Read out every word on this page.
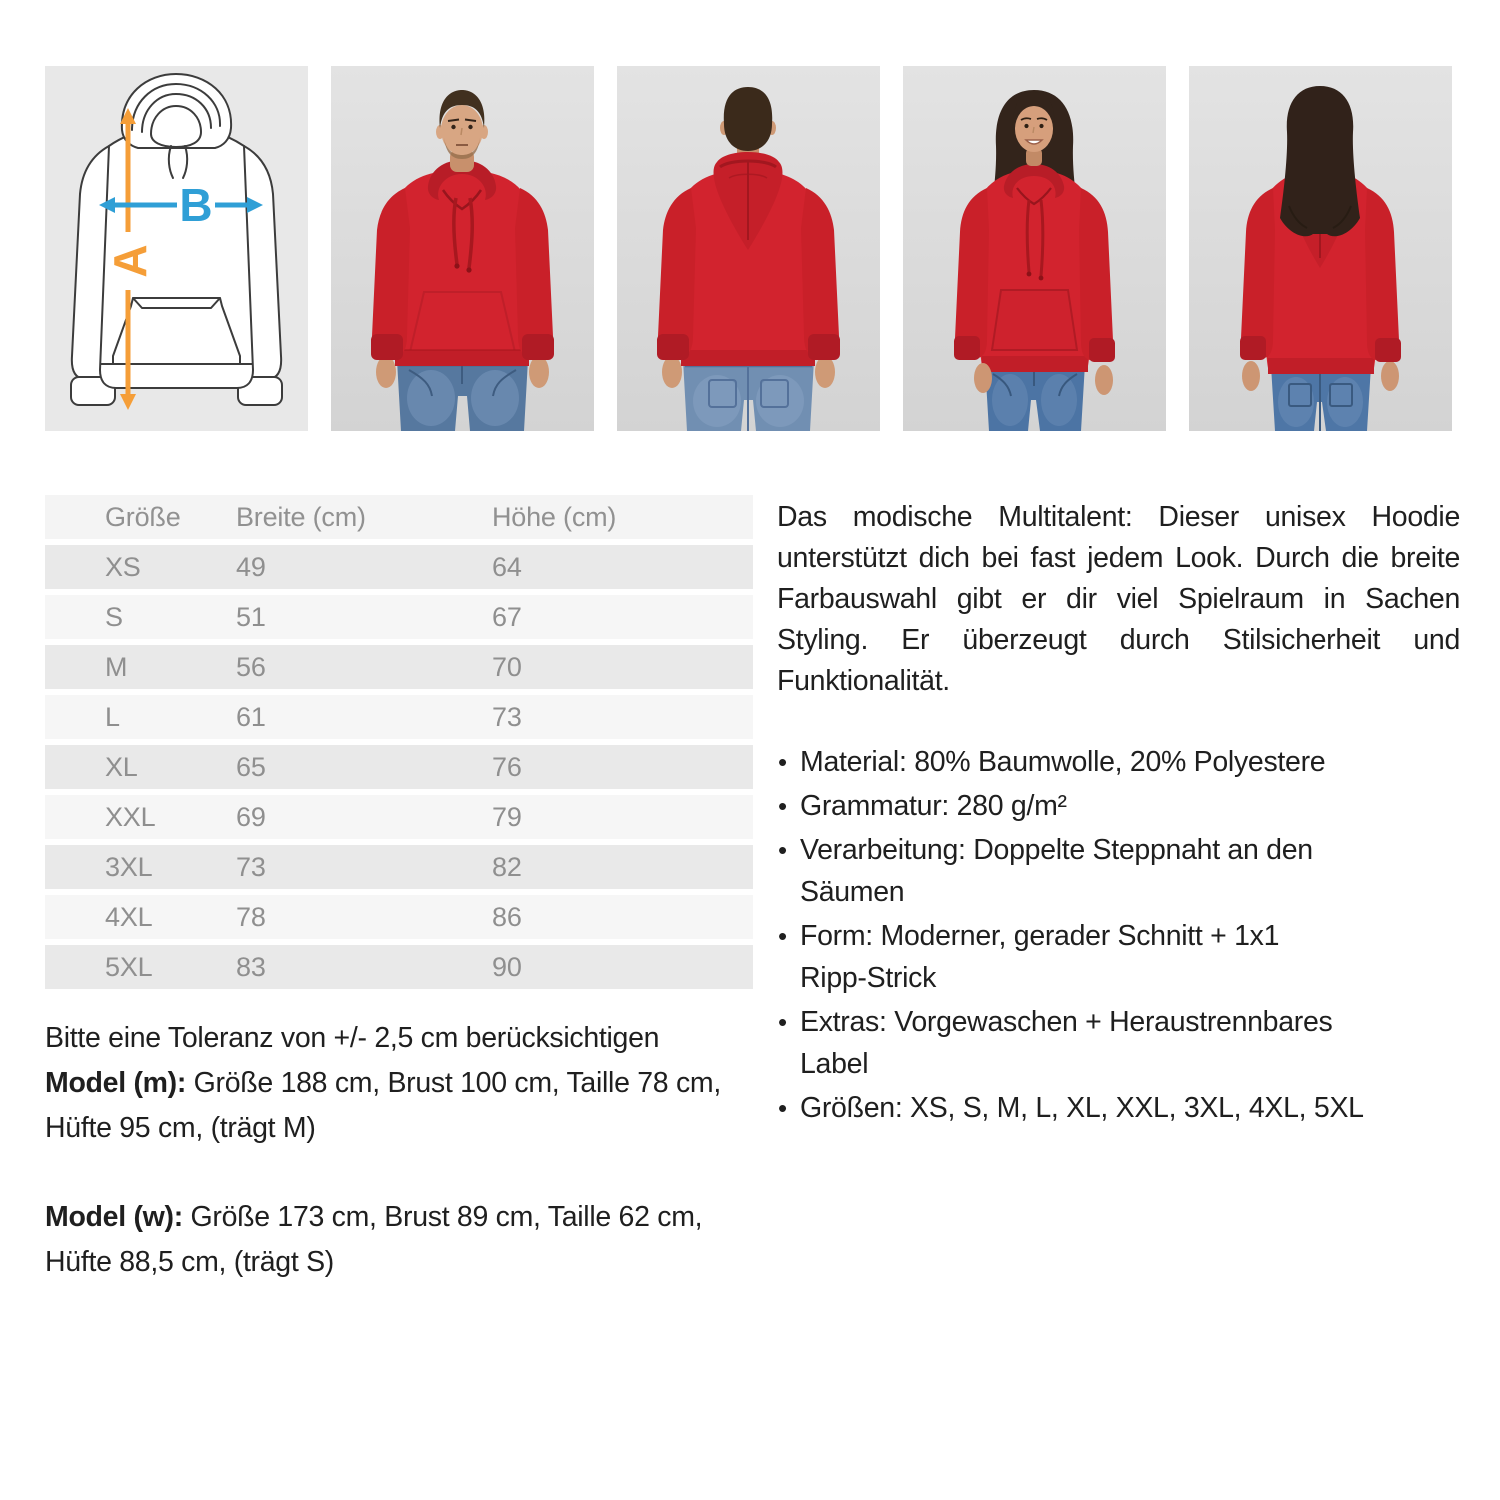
A
B
Größe	Breite (cm)	Höhe (cm)
XS	49	64
S	51	67
M	56	70
L	61	73
XL	65	76
XXL	69	79
3XL	73	82
4XL	78	86
5XL	83	90

Bitte eine Toleranz von +/- 2,5 cm berücksichtigen

Model (m): Größe 188 cm, Brust 100 cm, Taille 78 cm, Hüfte 95 cm, (trägt M)

Model (w): Größe 173 cm, Brust 89 cm, Taille 62 cm, Hüfte 88,5 cm, (trägt S)

Das modische Multitalent: Dieser unisex Hoodie unterstützt dich bei fast jedem Look. Durch die breite Farbauswahl gibt er dir viel Spielraum in Sachen Styling. Er überzeugt durch Stilsicherheit und Funktionalität.

• Material: 80% Baumwolle, 20% Polyestere
• Grammatur: 280 g/m²
• Verarbeitung: Doppelte Steppnaht an den
Säumen
• Form: Moderner, gerader Schnitt + 1x1
Ripp-Strick
• Extras: Vorgewaschen + Heraustrennbares
Label
• Größen: XS, S, M, L, XL, XXL, 3XL, 4XL, 5XL
